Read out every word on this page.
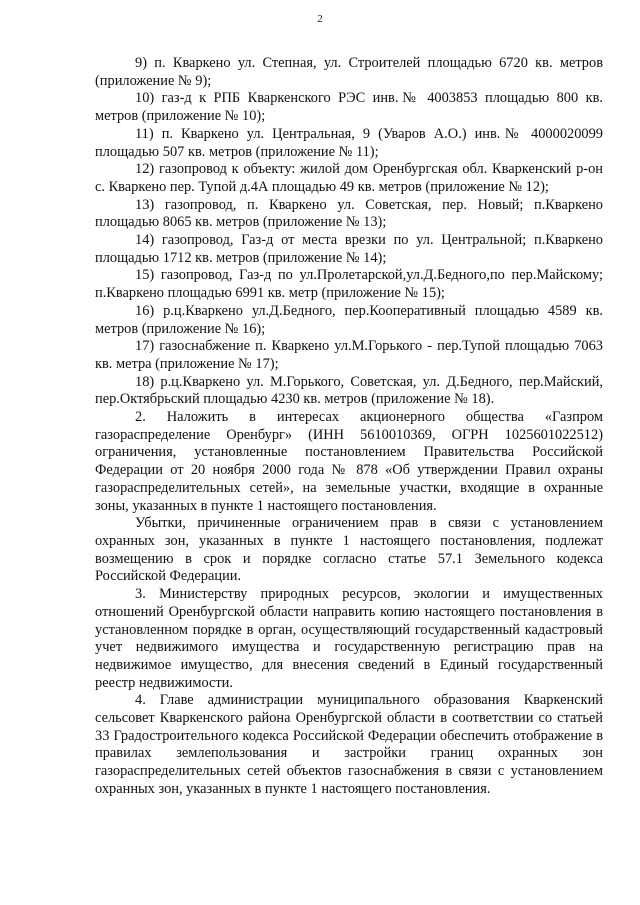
2

9) п. Кваркено ул. Степная, ул. Строителей площадью 6720 кв. метров (приложение № 9);

10) газ-д к РПБ Кваркенского РЭС инв.№ 4003853 площадью 800 кв. метров (приложение № 10);

11) п. Кваркено ул. Центральная, 9 (Уваров А.О.) инв.№ 4000020099 площадью 507 кв. метров (приложение № 11);

12) газопровод к объекту: жилой дом Оренбургская обл. Кваркенский р-он с. Кваркено пер. Тупой д.4А площадью 49 кв. метров (приложение № 12);

13) газопровод, п. Кваркено ул. Советская, пер. Новый; п.Кваркено площадью 8065 кв. метров (приложение № 13);

14) газопровод, Газ-д от места врезки по ул. Центральной; п.Кваркено площадью 1712 кв. метров (приложение № 14);

15) газопровод, Газ-д по ул.Пролетарской,ул.Д.Бедного,по пер.Майскому; п.Кваркено площадью 6991 кв. метр (приложение № 15);

16) р.ц.Кваркено ул.Д.Бедного, пер.Кооперативный площадью 4589 кв. метров (приложение № 16);

17) газоснабжение п. Кваркено ул.М.Горького - пер.Тупой площадью 7063 кв. метра (приложение № 17);

18) р.ц.Кваркено ул. М.Горького, Советская, ул. Д.Бедного, пер.Майский, пер.Октябрьский площадью 4230 кв. метров (приложение № 18).

2. Наложить в интересах акционерного общества «Газпром газораспределение Оренбург» (ИНН 5610010369, ОГРН 1025601022512) ограничения, установленные постановлением Правительства Российской Федерации от 20 ноября 2000 года № 878 «Об утверждении Правил охраны газораспределительных сетей», на земельные участки, входящие в охранные зоны, указанных в пункте 1 настоящего постановления.

Убытки, причиненные ограничением прав в связи с установлением охранных зон, указанных в пункте 1 настоящего постановления, подлежат возмещению в срок и порядке согласно статье 57.1 Земельного кодекса Российской Федерации.

3. Министерству природных ресурсов, экологии и имущественных отношений Оренбургской области направить копию настоящего постановления в установленном порядке в орган, осуществляющий государственный кадастровый учет недвижимого имущества и государственную регистрацию прав на недвижимое имущество, для внесения сведений в Единый государственный реестр недвижимости.

4. Главе администрации муниципального образования Кваркенский сельсовет Кваркенского района Оренбургской области в соответствии со статьей 33 Градостроительного кодекса Российской Федерации обеспечить отображение в правилах землепользования и застройки границ охранных зон газораспределительных сетей объектов газоснабжения в связи с установлением охранных зон, указанных в пункте 1 настоящего постановления.
